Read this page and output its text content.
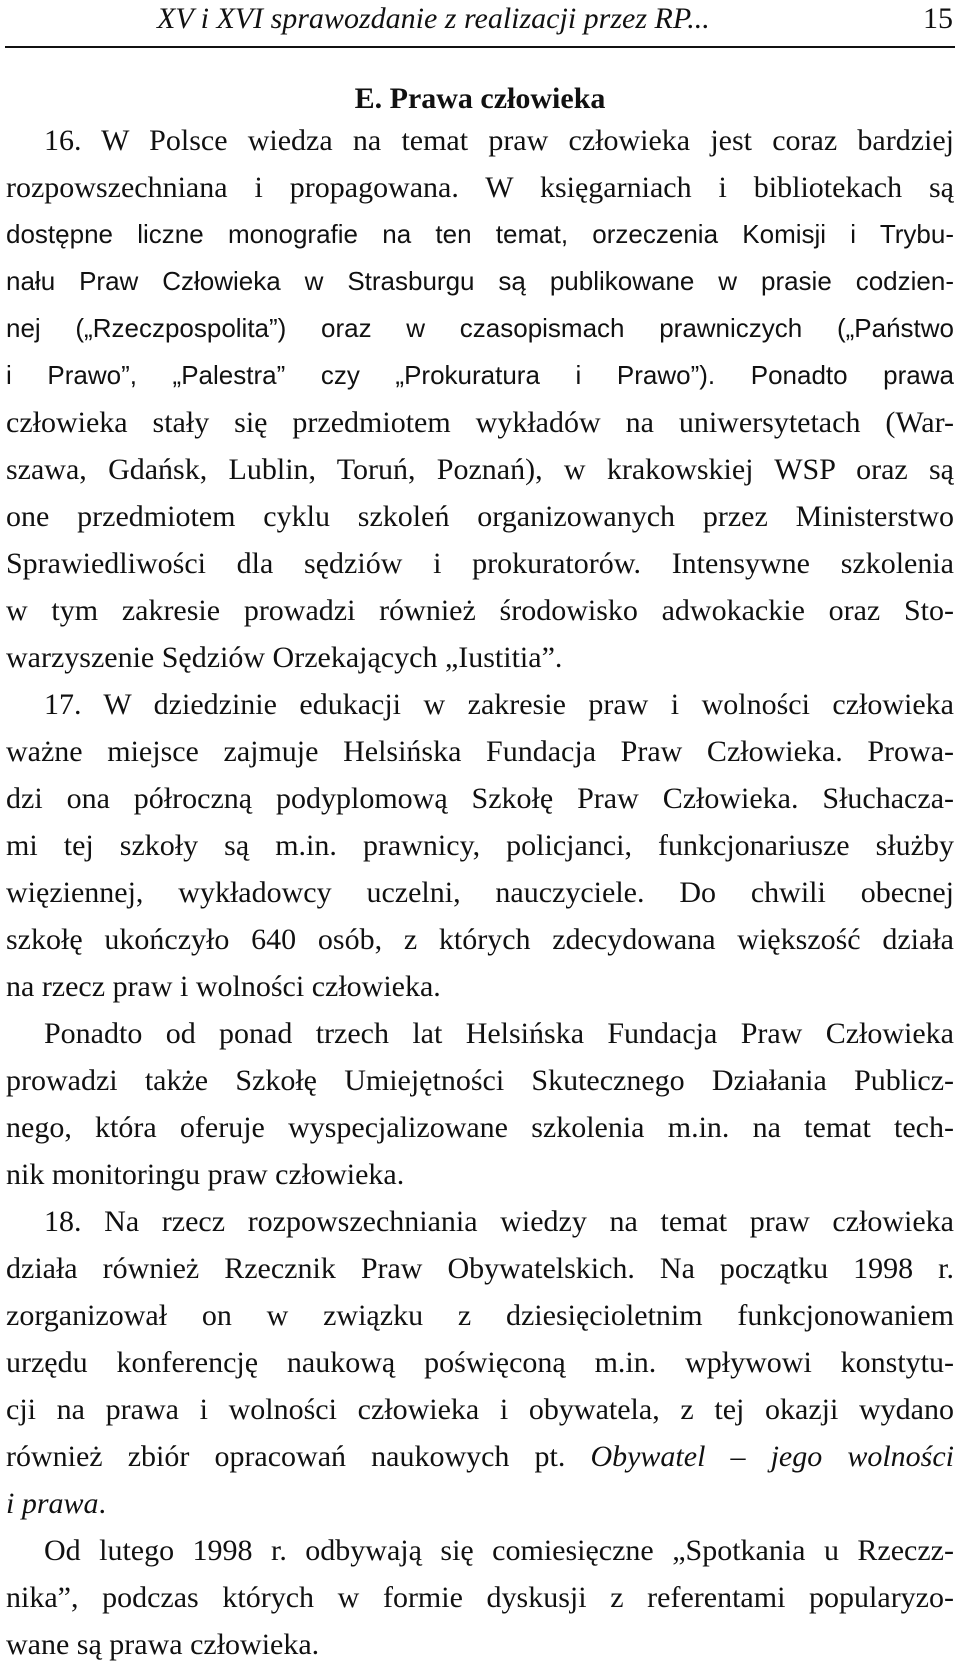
XV i XVI sprawozdanie z realizacji przez RP...	15
E. Prawa człowieka
16. W Polsce wiedza na temat praw człowieka jest coraz bardziej
rozpowszechniana i propagowana. W księgarniach i bibliotekach są
dostępne liczne monografie na ten temat, orzeczenia Komisji i Trybu-
nału Praw Człowieka w Strasburgu są publikowane w prasie codzien-
nej („Rzeczpospolita”) oraz w czasopismach prawniczych („Państwo
i Prawo”, „Palestra” czy „Prokuratura i Prawo”). Ponadto prawa
człowieka stały się przedmiotem wykładów na uniwersytetach (War-
szawa, Gdańsk, Lublin, Toruń, Poznań), w krakowskiej WSP oraz są
one przedmiotem cyklu szkoleń organizowanych przez Ministerstwo
Sprawiedliwości dla sędziów i prokuratorów. Intensywne szkolenia
w tym zakresie prowadzi również środowisko adwokackie oraz Sto-
warzyszenie Sędziów Orzekających „Iustitia”.
17. W dziedzinie edukacji w zakresie praw i wolności człowieka
ważne miejsce zajmuje Helsińska Fundacja Praw Człowieka. Prowa-
dzi ona półroczną podyplomową Szkołę Praw Człowieka. Słuchacza-
mi tej szkoły są m.in. prawnicy, policjanci, funkcjonariusze służby
więziennej, wykładowcy uczelni, nauczyciele. Do chwili obecnej
szkołę ukończyło 640 osób, z których zdecydowana większość działa
na rzecz praw i wolności człowieka.
Ponadto od ponad trzech lat Helsińska Fundacja Praw Człowieka
prowadzi także Szkołę Umiejętności Skutecznego Działania Publicz-
nego, która oferuje wyspecjalizowane szkolenia m.in. na temat tech-
nik monitoringu praw człowieka.
18. Na rzecz rozpowszechniania wiedzy na temat praw człowieka
działa również Rzecznik Praw Obywatelskich. Na początku 1998 r.
zorganizował on w związku z dziesięcioletnim funkcjonowaniem
urzędu konferencję naukową poświęconą m.in. wpływowi konstytu-
cji na prawa i wolności człowieka i obywatela, z tej okazji wydano
również zbiór opracowań naukowych pt. Obywatel – jego wolności
i prawa.
Od lutego 1998 r. odbywają się comiesięczne „Spotkania u Rzeczz-
nika”, podczas których w formie dyskusji z referentami popularyzo-
wane są prawa człowieka.
